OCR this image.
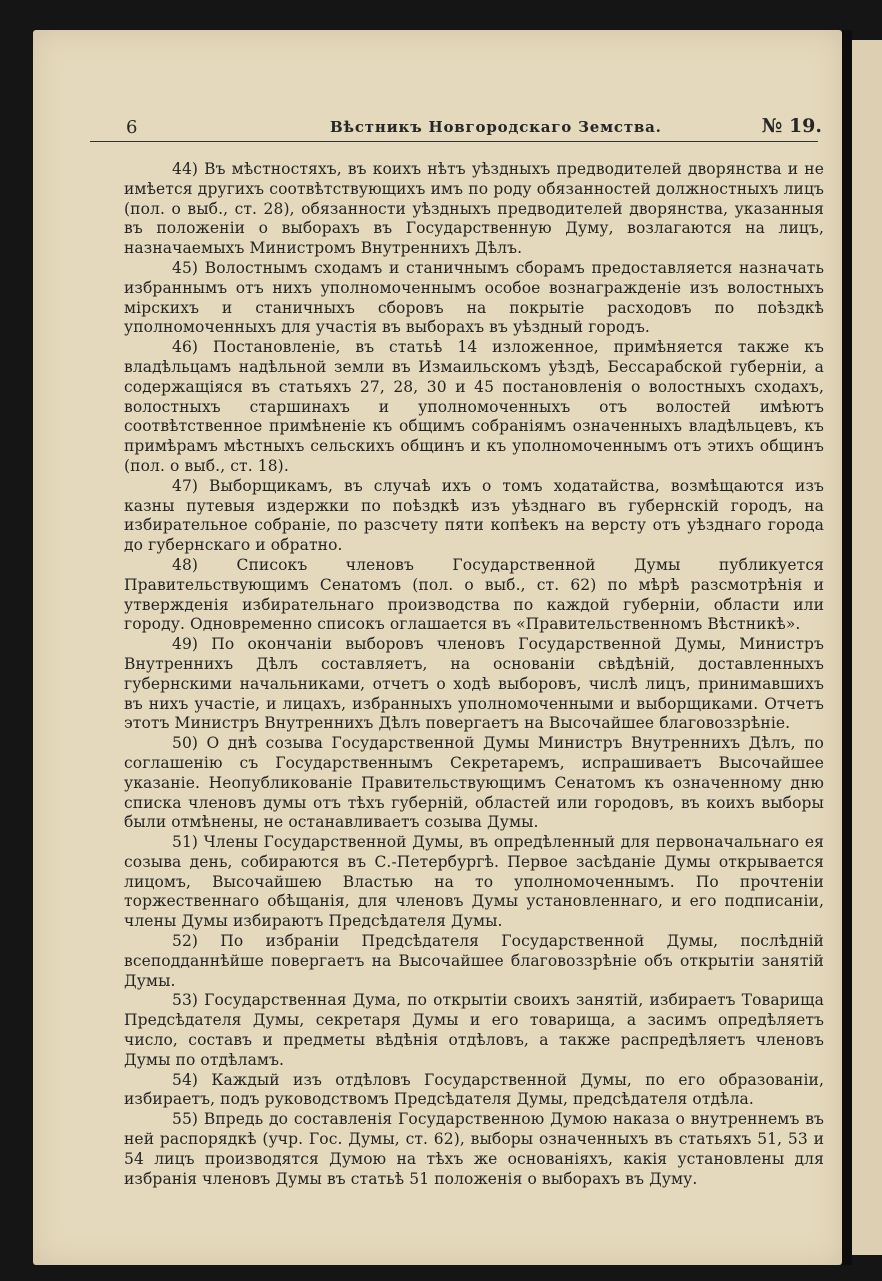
6	Вѣстникъ Новгородскаго Земства.	№ 19.

44) Въ мѣстностяхъ, въ коихъ нѣтъ уѣздныхъ предводителей дворянства и не имѣется другихъ соотвѣтствующихъ имъ по роду обязанностей должностныхъ лицъ (пол. о выб., ст. 28), обязанности уѣздныхъ предводителей дворянства, указанныя въ положенiи о выборахъ въ Государственную Думу, возлагаются на лицъ, назначаемыхъ Министромъ Внутреннихъ Дѣлъ.

45) Волостнымъ сходамъ и станичнымъ сборамъ предоставляется назначать избраннымъ отъ нихъ уполномоченнымъ особое вознагражденiе изъ волостныхъ мiрскихъ и станичныхъ сборовъ на покрытiе расходовъ по поѣздкѣ уполномоченныхъ для участiя въ выборахъ въ уѣздный городъ.

46) Постановленiе, въ статьѣ 14 изложенное, примѣняется также къ владѣльцамъ надѣльной земли въ Измаильскомъ уѣздѣ, Бессарабской губернiи, а содержащiяся въ статьяхъ 27, 28, 30 и 45 постановленiя о волостныхъ сходахъ, волостныхъ старшинахъ и уполномоченныхъ отъ волостей имѣютъ соотвѣтственное примѣненiе къ общимъ собранiямъ означенныхъ владѣльцевъ, къ примѣрамъ мѣстныхъ сельскихъ общинъ и къ уполномоченнымъ отъ этихъ общинъ (пол. о выб., ст. 18).

47) Выборщикамъ, въ случаѣ ихъ о томъ ходатайства, возмѣщаются изъ казны путевыя издержки по поѣздкѣ изъ уѣзднаго въ губернскiй городъ, на избирательное собранiе, по разсчету пяти копѣекъ на версту отъ уѣзднаго города до губернскаго и обратно.

48) Списокъ членовъ Государственной Думы публикуется Правительствующимъ Сенатомъ (пол. о выб., ст. 62) по мѣрѣ разсмотрѣнiя и утвержденiя избирательнаго производства по каждой губернiи, области или городу. Одновременно списокъ оглашается въ «Правительственномъ Вѣстникѣ».

49) По окончанiи выборовъ членовъ Государственной Думы, Министръ Внутреннихъ Дѣлъ составляетъ, на основанiи свѣдѣнiй, доставленныхъ губернскими начальниками, отчетъ о ходѣ выборовъ, числѣ лицъ, принимавшихъ въ нихъ участiе, и лицахъ, избранныхъ уполномоченными и выборщиками. Отчетъ этотъ Министръ Внутреннихъ Дѣлъ повергаетъ на Высочайшее благовоззрѣнiе.

50) О днѣ созыва Государственной Думы Министръ Внутреннихъ Дѣлъ, по соглашенiю съ Государственнымъ Секретаремъ, испрашиваетъ Высочайшее указанiе. Неопубликованiе Правительствующимъ Сенатомъ къ означенному дню списка членовъ думы отъ тѣхъ губернiй, областей или городовъ, въ коихъ выборы были отмѣнены, не останавливаетъ созыва Думы.

51) Члены Государственной Думы, въ опредѣленный для первоначальнаго ея созыва день, собираются въ С.-Петербургѣ. Первое засѣданiе Думы открывается лицомъ, Высочайшею Властью на то уполномоченнымъ. По прочтенiи торжественнаго обѣщанiя, для членовъ Думы установленнаго, и его подписанiи, члены Думы избираютъ Предсѣдателя Думы.

52) По избранiи Предсѣдателя Государственной Думы, послѣднiй всеподданнѣйше повергаетъ на Высочайшее благовоззрѣнiе объ открытiи занятiй Думы.

53) Государственная Дума, по открытiи своихъ занятiй, избираетъ Товарища Предсѣдателя Думы, секретаря Думы и его товарища, а засимъ опредѣляетъ число, составъ и предметы вѣдѣнiя отдѣловъ, а также распредѣляетъ членовъ Думы по отдѣламъ.

54) Каждый изъ отдѣловъ Государственной Думы, по его образованiи, избираетъ, подъ руководствомъ Предсѣдателя Думы, предсѣдателя отдѣла.

55) Впредь до составленiя Государственною Думою наказа о внутреннемъ въ ней распорядкѣ (учр. Гос. Думы, ст. 62), выборы означенныхъ въ статьяхъ 51, 53 и 54 лицъ производятся Думою на тѣхъ же основанiяхъ, какiя установлены для избранiя членовъ Думы въ статьѣ 51 положенiя о выборахъ въ Думу.
